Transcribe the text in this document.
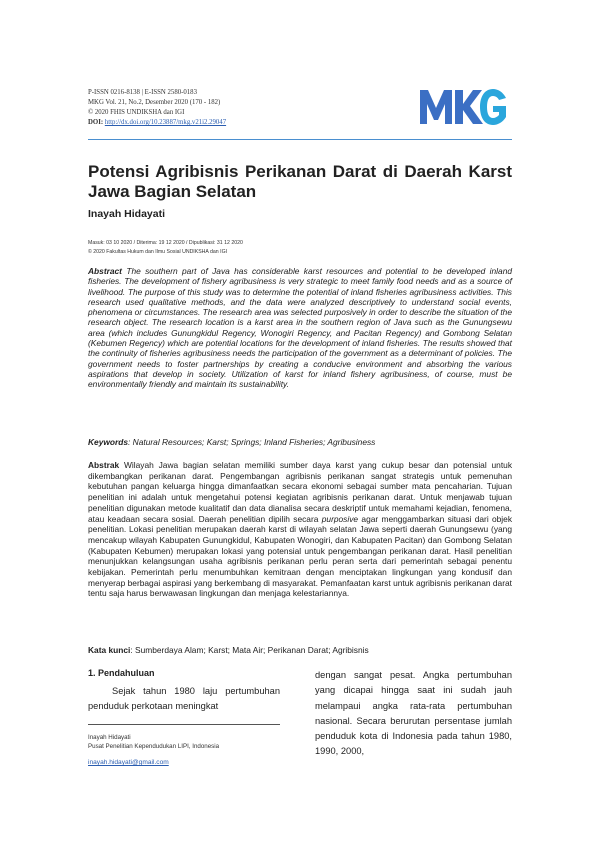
P-ISSN 0216-8138 | E-ISSN 2580-0183
MKG Vol. 21, No.2, Desember 2020 (170 - 182)
© 2020 FHIS UNDIKSHA dan IGI
DOI: http://dx.doi.org/10.23887/mkg.v21i2.29047
Potensi Agribisnis Perikanan Darat di Daerah Karst Jawa Bagian Selatan
Inayah Hidayati
Masuk: 03 10 2020 / Diterima: 19 12 2020 / Dipublikasi: 31 12 2020
© 2020 Fakultas Hukum dan Ilmu Sosial UNDIKSHA dan IGI

Abstract The southern part of Java has considerable karst resources and potential to be developed inland fisheries. The development of fishery agribusiness is very strategic to meet family food needs and as a source of livelihood. The purpose of this study was to determine the potential of inland fisheries agribusiness activities. This research used qualitative methods, and the data were analyzed descriptively to understand social events, phenomena or circumstances. The research area was selected purposively in order to describe the situation of the research object. The research location is a karst area in the southern region of Java such as the Gunungsewu area (which includes Gunungkidul Regency, Wonogiri Regency, and Pacitan Regency) and Gombong Selatan (Kebumen Regency) which are potential locations for the development of inland fisheries. The results showed that the continuity of fisheries agribusiness needs the participation of the government as a determinant of policies. The government needs to foster partnerships by creating a conducive environment and absorbing the various aspirations that develop in society. Utilization of karst for inland fishery agribusiness, of course, must be environmentally friendly and maintain its sustainability.

Keywords: Natural Resources; Karst; Springs; Inland Fisheries; Agribusiness

Abstrak Wilayah Jawa bagian selatan memiliki sumber daya karst yang cukup besar dan potensial untuk dikembangkan perikanan darat. Pengembangan agribisnis perikanan sangat strategis untuk pemenuhan kebutuhan pangan keluarga hingga dimanfaatkan secara ekonomi sebagai sumber mata pencaharian. Tujuan penelitian ini adalah untuk mengetahui potensi kegiatan agribisnis perikanan darat. Untuk menjawab tujuan penelitian digunakan metode kualitatif dan data dianalisa secara deskriptif untuk memahami kejadian, fenomena, atau keadaan secara sosial. Daerah penelitian dipilih secara purposive agar menggambarkan situasi dari objek penelitian. Lokasi penelitian merupakan daerah karst di wilayah selatan Jawa seperti daerah Gunungsewu (yang mencakup wilayah Kabupaten Gunungkidul, Kabupaten Wonogiri, dan Kabupaten Pacitan) dan Gombong Selatan (Kabupaten Kebumen) merupakan lokasi yang potensial untuk pengembangan perikanan darat. Hasil penelitian menunjukkan kelangsungan usaha agribisnis perikanan perlu peran serta dari pemerintah sebagai penentu kebijakan. Pemerintah perlu menumbuhkan kemitraan dengan menciptakan lingkungan yang kondusif dan menyerap berbagai aspirasi yang berkembang di masyarakat. Pemanfaatan karst untuk agribisnis perikanan darat tentu saja harus berwawasan lingkungan dan menjaga kelestariannya.

Kata kunci: Sumberdaya Alam; Karst; Mata Air; Perikanan Darat; Agribisnis

1. Pendahuluan

Sejak tahun 1980 laju pertumbuhan penduduk perkotaan meningkat

dengan sangat pesat. Angka pertumbuhan yang dicapai hingga saat ini sudah jauh melampaui angka rata-rata pertumbuhan nasional. Secara berurutan persentase jumlah penduduk kota di Indonesia pada tahun 1980, 1990, 2000,

Inayah Hidayati
Pusat Penelitian Kependudukan LIPI, Indonesia
inayah.hidayati@gmail.com
